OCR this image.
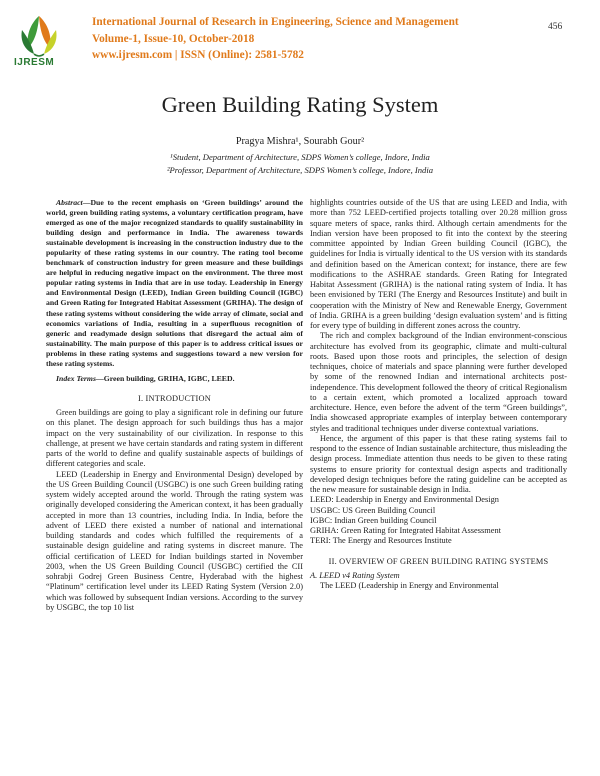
IJRESM
International Journal of Research in Engineering, Science and Management
Volume-1, Issue-10, October-2018
www.ijresm.com | ISSN (Online): 2581-5782
456
Green Building Rating System
Pragya Mishra¹, Sourabh Gour²
¹Student, Department of Architecture, SDPS Women’s college, Indore, India
²Professor, Department of Architecture, SDPS Women’s college, Indore, India

Abstract—Due to the recent emphasis on ‘Green buildings’ around the world, green building rating systems, a voluntary certification program, have emerged as one of the major recognized standards to qualify sustainability in building design and performance in India. The awareness towards sustainable development is increasing in the construction industry due to the popularity of these rating systems in our country. The rating tool become benchmark of construction industry for green measure and these buildings are helpful in reducing negative impact on the environment. The three most popular rating systems in India that are in use today. Leadership in Energy and Environmental Design (LEED), Indian Green building Council (IGBC) and Green Rating for Integrated Habitat Assessment (GRIHA). The design of these rating systems without considering the wide array of climate, social and economics variations of India, resulting in a superfluous recognition of generic and readymade design solutions that disregard the actual aim of sustainability. The main purpose of this paper is to address critical issues or problems in these rating systems and suggestions toward a new version for these rating systems.

Index Terms—Green building, GRIHA, IGBC, LEED.

I. INTRODUCTION

Green buildings are going to play a significant role in defining our future on this planet. The design approach for such buildings thus has a major impact on the very sustainability of our civilization. In response to this challenge, at present we have certain standards and rating system in different parts of the world to define and qualify sustainable aspects of buildings of different categories and scale.

LEED (Leadership in Energy and Environmental Design) developed by the US Green Building Council (USGBC) is one such Green building rating system widely accepted around the world. Through the rating system was originally developed considering the American context, it has been gradually accepted in more than 13 countries, including India. In India, before the advent of LEED there existed a number of national and international building standards and codes which fulfilled the requirements of a sustainable design guideline and rating systems in discreet manure. The official certification of LEED for Indian buildings started in November 2003, when the US Green Building Council (USGBC) certified the CII sohrabji Godrej Green Business Centre, Hyderabad with the highest “Platinum” certification level under its LEED Rating System (Version 2.0) which was followed by subsequent Indian versions. According to the survey by USGBC, the top 10 list

highlights countries outside of the US that are using LEED and India, with more than 752 LEED-certified projects totalling over 20.28 million gross square meters of space, ranks third. Although certain amendments for the Indian version have been proposed to fit into the context by the steering committee appointed by Indian Green building Council (IGBC), the guidelines for India is virtually identical to the US version with its standards and definition based on the American context; for instance, there are few modifications to the ASHRAE standards. Green Rating for Integrated Habitat Assessment (GRIHA) is the national rating system of India. It has been envisioned by TERI (The Energy and Resources Institute) and built in cooperation with the Ministry of New and Renewable Energy, Government of India. GRIHA is a green building ‘design evaluation system’ and is fitting for every type of building in different zones across the country.

The rich and complex background of the Indian environment-conscious architecture has evolved from its geographic, climate and multi-cultural roots. Based upon those roots and principles, the selection of design techniques, choice of materials and space planning were further developed by some of the renowned Indian and international architects post-independence. This development followed the theory of critical Regionalism to a certain extent, which promoted a localized approach toward architecture. Hence, even before the advent of the term “Green buildings”, India showcased appropriate examples of interplay between contemporary styles and traditional techniques under diverse contextual variations.

Hence, the argument of this paper is that these rating systems fail to respond to the essence of Indian sustainable architecture, thus misleading the design process. Immediate attention thus needs to be given to these rating systems to ensure priority for contextual design aspects and traditionally developed design techniques before the rating guideline can be accepted as the new measure for sustainable design in India.

LEED: Leadership in Energy and Environmental Design

USGBC: US Green Building Council

IGBC: Indian Green building Council

GRIHA: Green Rating for Integrated Habitat Assessment

TERI: The Energy and Resources Institute

II. OVERVIEW OF GREEN BUILDING RATING SYSTEMS

A. LEED v4 Rating System

The LEED (Leadership in Energy and Environmental
